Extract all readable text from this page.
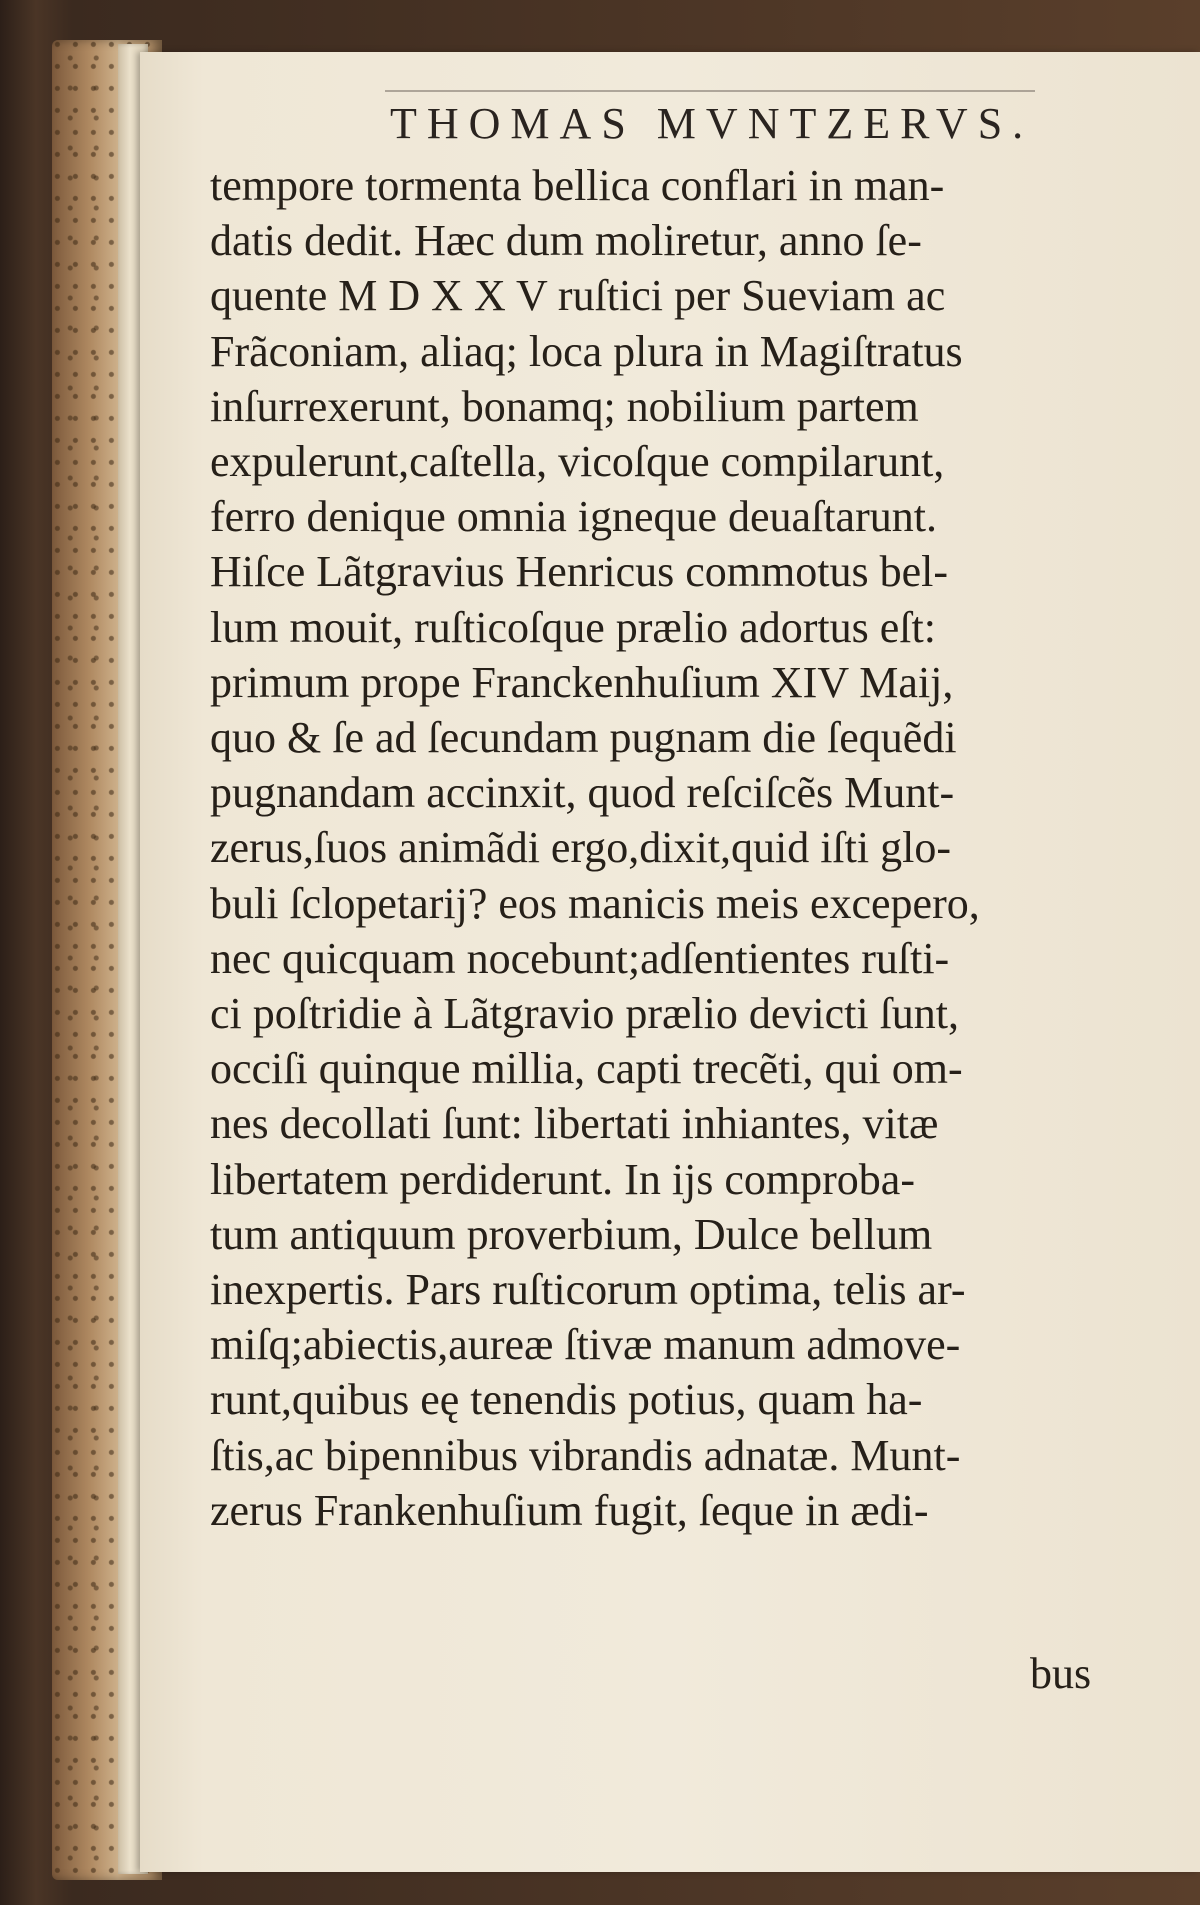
THOMAS MVNTZERVS.
tempore tormenta bellica conflari in man-
datis dedit. Hæc dum moliretur, anno ſe-
quente M D X X V ruſtici per Sueviam ac
Frãconiam, aliaq; loca plura in Magiſtratus
inſurrexerunt, bonamq; nobilium partem
expulerunt,caſtella, vicoſque compilarunt,
ferro denique omnia igneque deuaſtarunt.
Hiſce Lãtgravius Henricus commotus bel-
lum mouit, ruſticoſque prælio adortus eſt:
primum prope Franckenhuſium XIV Maij,
quo & ſe ad ſecundam pugnam die ſequẽdi
pugnandam accinxit, quod reſciſcẽs Munt-
zerus,ſuos animãdi ergo,dixit,quid iſti glo-
buli ſclopetarij? eos manicis meis excepero,
nec quicquam nocebunt;adſentientes ruſti-
ci poſtridie à Lãtgravio prælio devicti ſunt,
occiſi quinque millia, capti trecẽti, qui om-
nes decollati ſunt: libertati inhiantes, vitæ
libertatem perdiderunt. In ijs comproba-
tum antiquum proverbium, Dulce bellum
inexpertis. Pars ruſticorum optima, telis ar-
miſq;abiectis,aureæ ſtivæ manum admove-
runt,quibus eę tenendis potius, quam ha-
ſtis,ac bipennibus vibrandis adnatæ. Munt-
zerus Frankenhuſium fugit, ſeque in ædi-
bus
